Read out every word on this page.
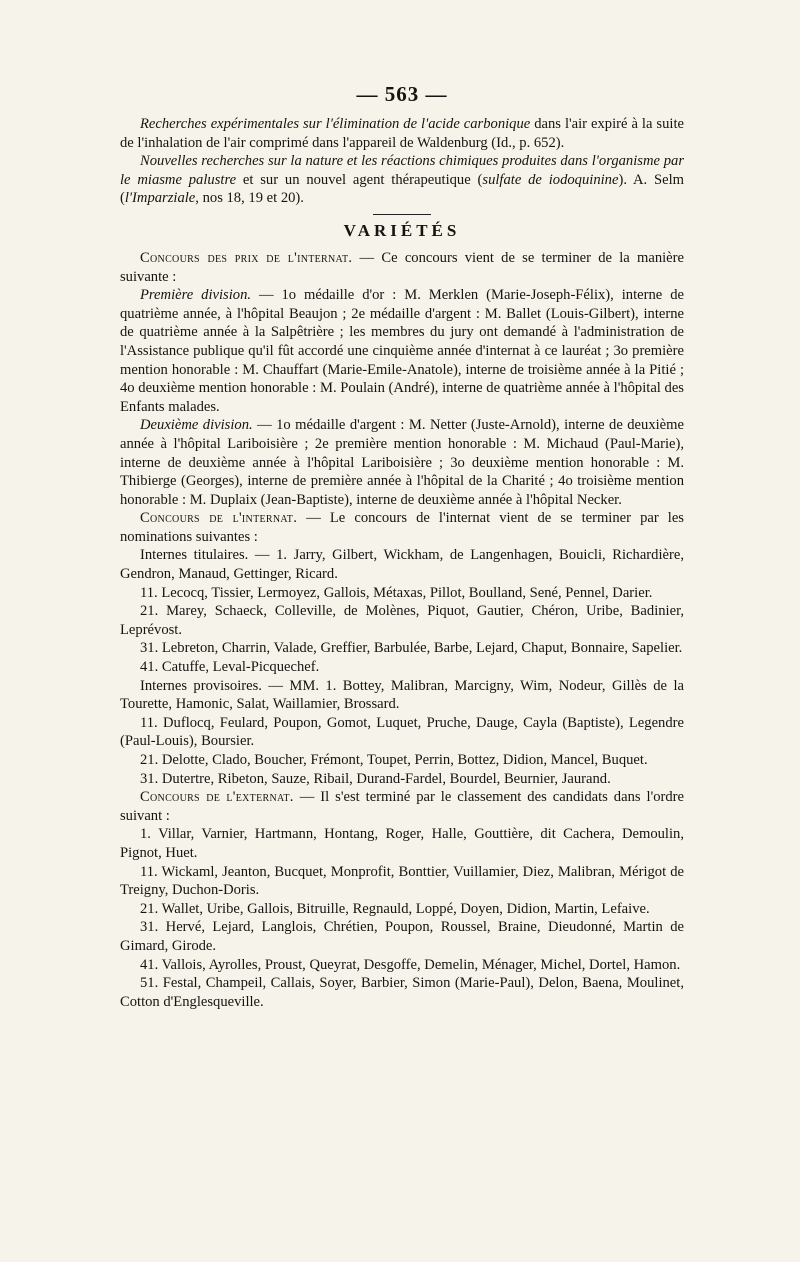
— 563 —

Recherches expérimentales sur l'élimination de l'acide carbonique dans l'air expiré à la suite de l'inhalation de l'air comprimé dans l'appareil de Waldenburg (Id., p. 652).

Nouvelles recherches sur la nature et les réactions chimiques produites dans l'organisme par le miasme palustre et sur un nouvel agent thérapeutique (sulfate de iodoquinine). A. Selm (l'Imparziale, nos 18, 19 et 20).

VARIÉTÉS

Concours des prix de l'internat. — Ce concours vient de se terminer de la manière suivante :

Première division. — 1o médaille d'or : M. Merklen (Marie-Joseph-Félix), interne de quatrième année, à l'hôpital Beaujon ; 2e médaille d'argent : M. Ballet (Louis-Gilbert), interne de quatrième année à la Salpêtrière ; les membres du jury ont demandé à l'administration de l'Assistance publique qu'il fût accordé une cinquième année d'internat à ce lauréat ; 3o première mention honorable : M. Chauffart (Marie-Emile-Anatole), interne de troisième année à la Pitié ; 4o deuxième mention honorable : M. Poulain (André), interne de quatrième année à l'hôpital des Enfants malades.

Deuxième division. — 1o médaille d'argent : M. Netter (Juste-Arnold), interne de deuxième année à l'hôpital Lariboisière ; 2e première mention honorable : M. Michaud (Paul-Marie), interne de deuxième année à l'hôpital Lariboisière ; 3o deuxième mention honorable : M. Thibierge (Georges), interne de première année à l'hôpital de la Charité ; 4o troisième mention honorable : M. Duplaix (Jean-Baptiste), interne de deuxième année à l'hôpital Necker.

Concours de l'internat. — Le concours de l'internat vient de se terminer par les nominations suivantes :

Internes titulaires. — 1. Jarry, Gilbert, Wickham, de Langenhagen, Bouicli, Richardière, Gendron, Manaud, Gettinger, Ricard.

11. Lecocq, Tissier, Lermoyez, Gallois, Métaxas, Pillot, Boulland, Sené, Pennel, Darier.

21. Marey, Schaeck, Colleville, de Molènes, Piquot, Gautier, Chéron, Uribe, Badinier, Leprévost.

31. Lebreton, Charrin, Valade, Greffier, Barbulée, Barbe, Lejard, Chaput, Bonnaire, Sapelier.

41. Catuffe, Leval-Picquechef.

Internes provisoires. — MM. 1. Bottey, Malibran, Marcigny, Wim, Nodeur, Gillès de la Tourette, Hamonic, Salat, Waillamier, Brossard.

11. Duflocq, Feulard, Poupon, Gomot, Luquet, Pruche, Dauge, Cayla (Baptiste), Legendre (Paul-Louis), Boursier.

21. Delotte, Clado, Boucher, Frémont, Toupet, Perrin, Bottez, Didion, Mancel, Buquet.

31. Dutertre, Ribeton, Sauze, Ribail, Durand-Fardel, Bourdel, Beurnier, Jaurand.

Concours de l'externat. — Il s'est terminé par le classement des candidats dans l'ordre suivant :

1. Villar, Varnier, Hartmann, Hontang, Roger, Halle, Gouttière, dit Cachera, Demoulin, Pignot, Huet.

11. Wickaml, Jeanton, Bucquet, Monprofit, Bonttier, Vuillamier, Diez, Malibran, Mérigot de Treigny, Duchon-Doris.

21. Wallet, Uribe, Gallois, Bitruille, Regnauld, Loppé, Doyen, Didion, Martin, Lefaive.

31. Hervé, Lejard, Langlois, Chrétien, Poupon, Roussel, Braine, Dieudonné, Martin de Gimard, Girode.

41. Vallois, Ayrolles, Proust, Queyrat, Desgoffe, Demelin, Ménager, Michel, Dortel, Hamon.

51. Festal, Champeil, Callais, Soyer, Barbier, Simon (Marie-Paul), Delon, Baena, Moulinet, Cotton d'Englesqueville.
